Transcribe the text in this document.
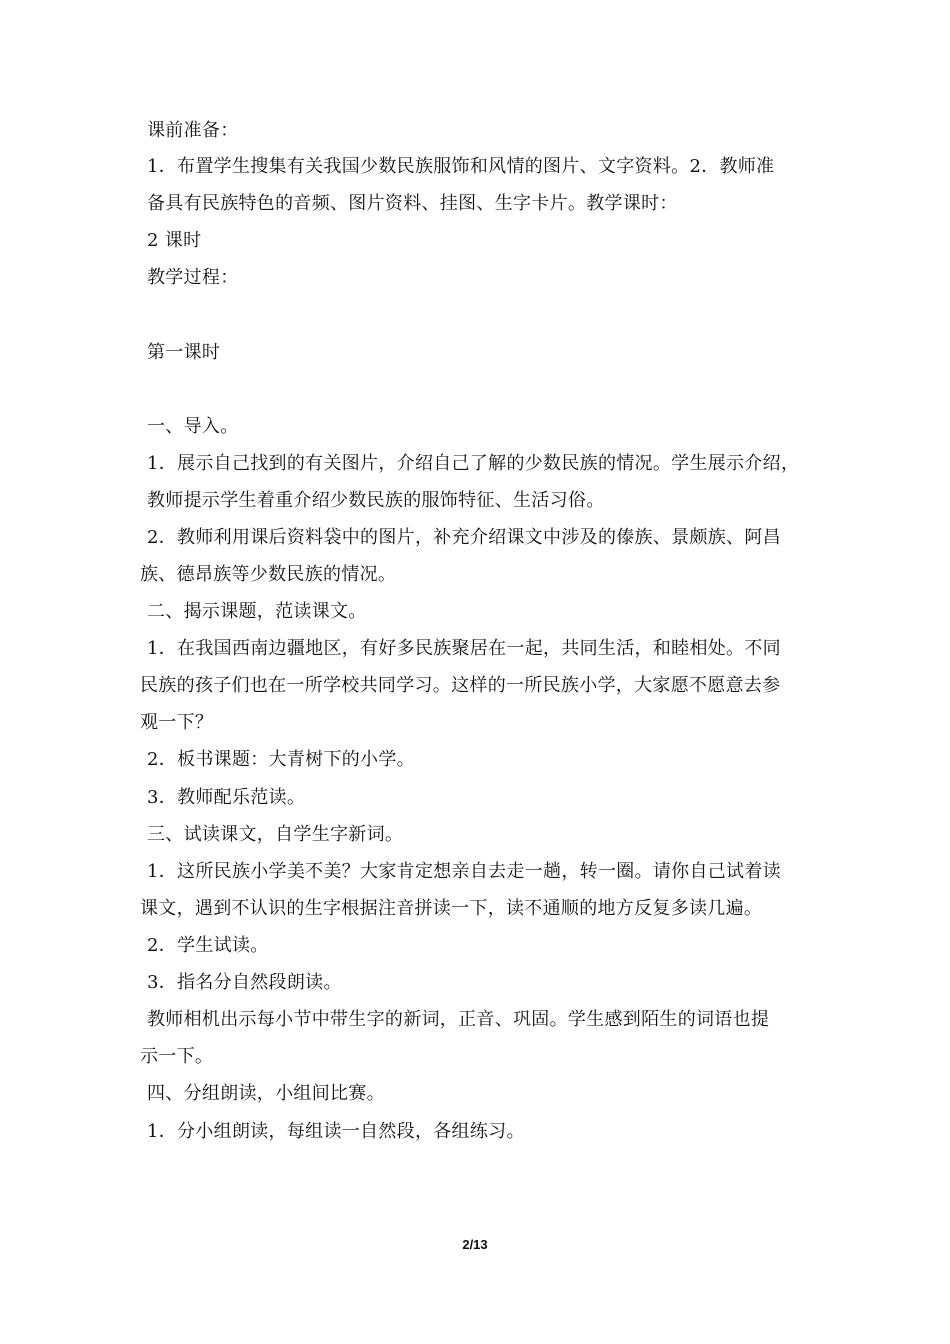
课前准备：
1．布置学生搜集有关我国少数民族服饰和风情的图片、文字资料。2．教师准
备具有民族特色的音频、图片资料、挂图、生字卡片。教学课时：
2 课时
教学过程：
第一课时
一、导入。
1．展示自己找到的有关图片，介绍自己了解的少数民族的情况。学生展示介绍，
教师提示学生着重介绍少数民族的服饰特征、生活习俗。
2．教师利用课后资料袋中的图片，补充介绍课文中涉及的傣族、景颇族、阿昌
族、德昂族等少数民族的情况。
二、揭示课题，范读课文。
1．在我国西南边疆地区，有好多民族聚居在一起，共同生活，和睦相处。不同
民族的孩子们也在一所学校共同学习。这样的一所民族小学，大家愿不愿意去参
观一下？
2．板书课题：大青树下的小学。
3．教师配乐范读。
三、试读课文，自学生字新词。
1．这所民族小学美不美？大家肯定想亲自去走一趟，转一圈。请你自己试着读
课文，遇到不认识的生字根据注音拼读一下，读不通顺的地方反复多读几遍。
2．学生试读。
3．指名分自然段朗读。
教师相机出示每小节中带生字的新词，正音、巩固。学生感到陌生的词语也提
示一下。
四、分组朗读，小组间比赛。
1．分小组朗读，每组读一自然段，各组练习。
2/13
